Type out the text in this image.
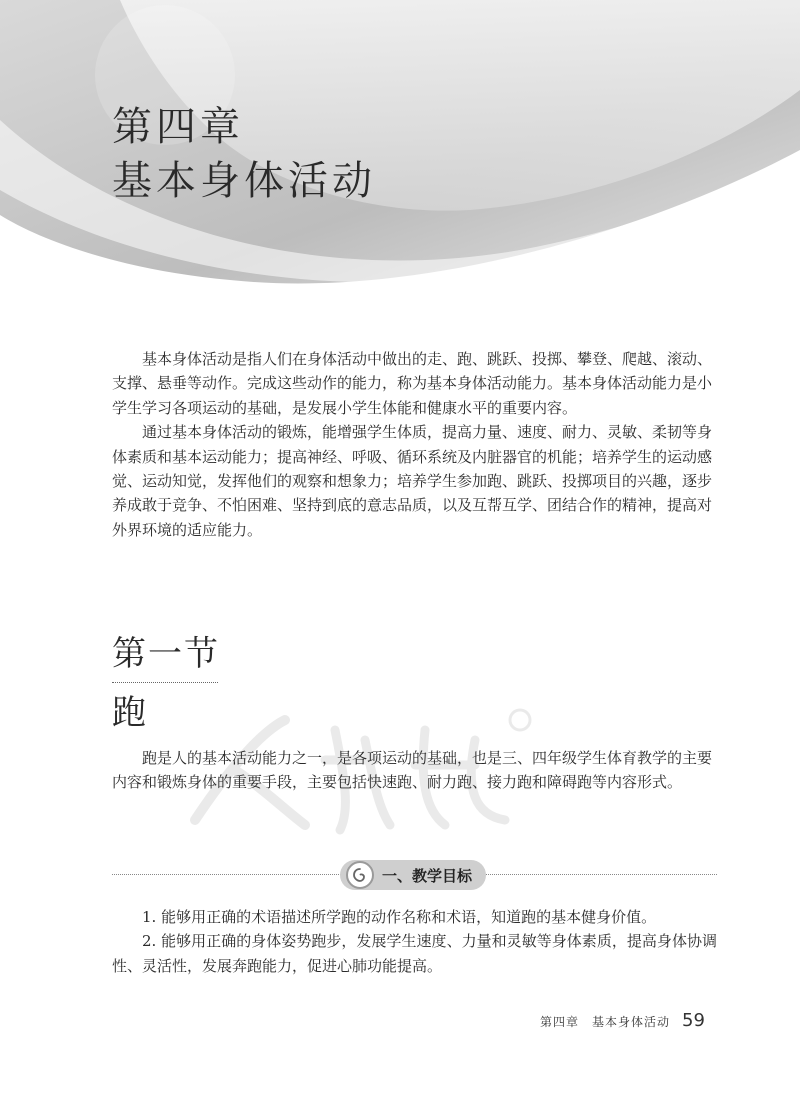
第四章
基本身体活动

基本身体活动是指人们在身体活动中做出的走、跑、跳跃、投掷、攀登、爬越、滚动、支撑、悬垂等动作。完成这些动作的能力，称为基本身体活动能力。基本身体活动能力是小学生学习各项运动的基础，是发展小学生体能和健康水平的重要内容。

通过基本身体活动的锻炼，能增强学生体质，提高力量、速度、耐力、灵敏、柔韧等身体素质和基本运动能力；提高神经、呼吸、循环系统及内脏器官的机能；培养学生的运动感觉、运动知觉，发挥他们的观察和想象力；培养学生参加跑、跳跃、投掷项目的兴趣，逐步养成敢于竞争、不怕困难、坚持到底的意志品质，以及互帮互学、团结合作的精神，提高对外界环境的适应能力。

第一节
跑

跑是人的基本活动能力之一，是各项运动的基础，也是三、四年级学生体育教学的主要内容和锻炼身体的重要手段，主要包括快速跑、耐力跑、接力跑和障碍跑等内容形式。

一、教学目标

1. 能够用正确的术语描述所学跑的动作名称和术语，知道跑的基本健身价值。

2. 能够用正确的身体姿势跑步，发展学生速度、力量和灵敏等身体素质，提高身体协调性、灵活性，发展奔跑能力，促进心肺功能提高。

第四章　基本身体活动 59
